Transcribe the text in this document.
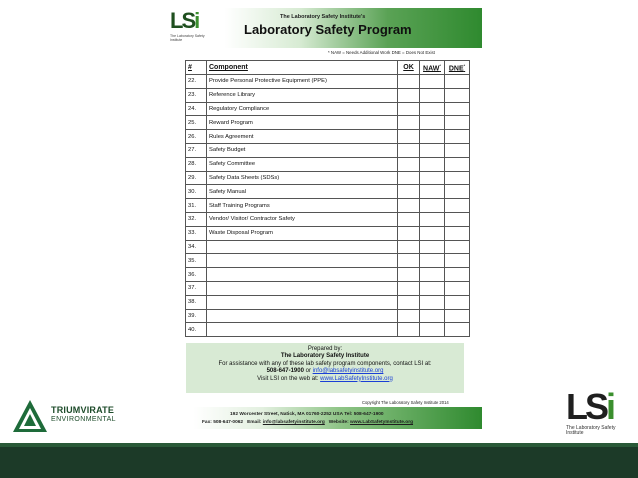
LSi
The Laboratory Safety Institute
The Laboratory Safety Institute's
Laboratory Safety Program
* NAW = Needs Additional Work DNE = Does Not Exist
#	Component	OK	NAW*	DNE*
22.	Provide Personal Protective Equipment (PPE)			
23.	Reference Library			
24.	Regulatory Compliance			
25.	Reward Program			
26.	Rules Agreement			
27.	Safety Budget			
28.	Safety Committee			
29.	Safety Data Sheets (SDSs)			
30.	Safety Manual			
31.	Staff Training Programs			
32.	Vendor/ Visitor/ Contractor Safety			
33.	Waste Disposal Program			
34.				
35.				
36.				
37.				
38.				
39.				
40.				
Prepared by:
The Laboratory Safety Institute
For assistance with any of these lab safety program components, contact LSI at:
508-647-1900 or info@labsafetyinstitute.org
Visit LSI on the web at: www.LabSafetyInstitute.org
Copyright The Laboratory Safety Institute 2014
192 Worcester Street, Natick, MA 01760-2252 USA Tel: 508-647-1900
Fax: 508-647-0062 Email: info@labsafetyinstitute.org Website: www.LabSafetyInstitute.org
TRIUMVIRATE
ENVIRONMENTAL	LSi
The Laboratory Safety Institute
